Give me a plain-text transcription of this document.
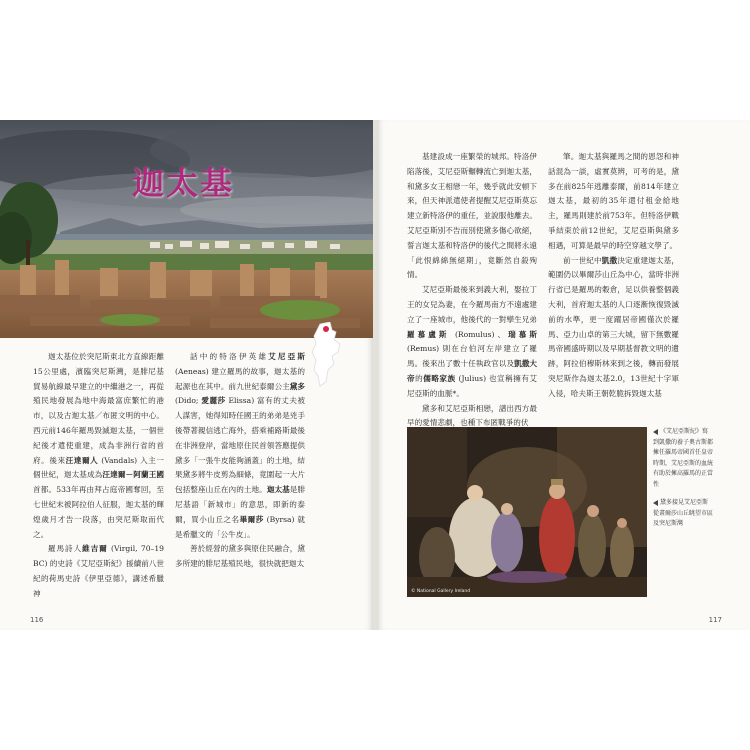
迦太基

迦太基位於突尼斯東北方直線距離15公里處，濱臨突尼斯灣，是腓尼基貿易航線最早建立的中繼港之一，再從殖民地發展為地中海最富庶繁忙的港市，以及古迦太基／布匿文明的中心。西元前146年羅馬毀滅迦太基，一個世紀後才遣使重建，成為非洲行省的首府。後來汪達爾人 (Vandals) 入主一個世紀，迦太基成為汪達爾－阿蘭王國首都。533年再由拜占庭帝國奪回，至七世紀末被阿拉伯人征服，迦太基的輝煌歲月才告一段落，由突尼斯取而代之。

羅馬詩人維吉爾 (Virgil, 70–19 BC) 的史詩《艾尼亞斯紀》援續前八世紀的荷馬史詩《伊里亞德》，講述希臘神

話中的特洛伊英雄艾尼亞斯 (Aeneas) 建立羅馬的故事，迦太基的起源也在其中。前九世紀泰爾公主黛多 (Dido; 愛麗莎 Elissa) 富有的丈夫被人謀害，她得知時任國王的弟弟是兇手後帶著親信逃亡海外，搭乘補路斯最後在非洲登岸，當地原住民首領答應提供黛多「一張牛皮能夠涵蓋」的土地，結果黛多將牛皮剪為細條，竟圍起一大片包括整座山丘在內的土地。迦太基是腓尼基語「新城市」的意思，即新的泰爾，買小山丘之名畢爾莎 (Byrsa) 就是希臘文的「公牛皮」。

善於經營的黛多與原住民融合，黛多所建的腓尼基殖民地，很快就把迦太

116

基建設成一座繁榮的城邦。特洛伊陷落後，艾尼亞斯輾轉流亡到迦太基，和黛多女王相戀一年，幾乎就此安頓下來，但天神派遣使者提醒艾尼亞斯莫忘建立新特洛伊的重任，並說服他離去。艾尼亞斯別不告而別使黛多傷心欲絕，誓言迦太基和特洛伊的後代之間將永遠「此恨綿綿無絕期」，竟斷然自殺殉情。

艾尼亞斯最後來到義大利，娶拉丁王的女兒為妻，在今羅馬南方不遠處建立了一座城市，他後代的一對孿生兄弟羅慕盧斯 (Romulus)、瑞慕斯 (Remus) 則在台伯河左岸建立了羅馬。後來出了數十任執政官以及凱撒大帝的儒略家族 (Julius) 也宣稱擁有艾尼亞斯的血脈*。

黛多和艾尼亞斯相戀，譜出西方最早的愛情悲劇，也種下布匿戰爭的伏

筆。迦太基與羅馬之間的恩怨和神話混為一談，虛實莫辨，可考的是，黛多在前825年逃離泰爾，前814年建立迦太基，最初的35年還付租金給地主，羅馬則建於前753年。但特洛伊戰爭結束於前12世紀，艾尼亞斯與黛多相遇，可算是最早的時空穿越文學了。

前一世紀中凱撒決定重建迦太基，範圍仍以畢爾莎山丘為中心，當時非洲行省已是羅馬的穀倉，足以供養整個義大利，首府迦太基的人口逐漸恢復毀滅前的水準，更一度躍居帝國僅次於羅馬、亞力山卓的第三大城，留下無數羅馬帝國盛時期以及早期基督教文明的遺跡，阿拉伯穆斯林來到之後，轉而發展突尼斯作為迦太基2.0，13世紀十字軍入侵，哈夫斯王朝乾脆拆毀迦太基

© National Gallery Ireland
《艾尼亞斯紀》寫到凱撒的養子奧古斯都擁任羅馬帝國首任皇帝時期，艾尼亞斯的血統有助於擁高羅馬的正當性
黛多接見艾尼亞斯從畫爾莎山丘眺望市區及突尼斯灣
117
